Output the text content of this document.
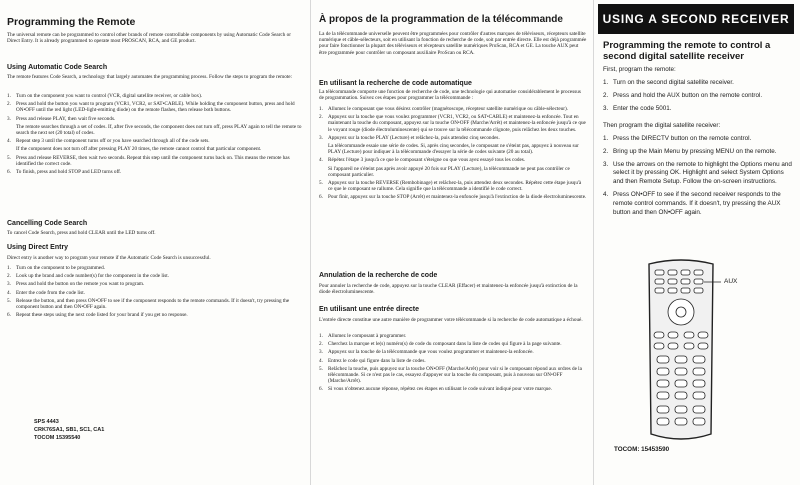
Programming the Remote

The universal remote can be programmed to control other brands of remote controllable components by using Automatic Code Search or Direct Entry. It is already programmed to operate most PROSCAN, RCA, and GE product.

Using Automatic Code Search

The remote features Code Search, a technology that largely automates the programming process. Follow the steps to program the remote:

1. Turn on the component you want to control (VCR, digital satellite receiver, or cable box).
2. Press and hold the button you want to program (VCR1, VCR2, or SAT•CABLE). While holding the component button, press and hold ON•OFF until the red light (LED-light-emitting diode) on the remote flashes, then release both buttons.
3. Press and release PLAY, then wait five seconds.
The remote searches through a set of codes. If, after five seconds, the component does not turn off, press PLAY again to tell the remote to search the next set (20 total) of codes.
4. Repeat step 3 until the component turns off or you have searched through all of the code sets.
If the component does not turn off after pressing PLAY 20 times, the remote cannot control that particular component.
5. Press and release REVERSE, then wait two seconds. Repeat this step until the component turns back on. This means the remote has identified the correct code.
6. To finish, press and hold STOP and LED turns off.
Cancelling Code Search

To cancel Code Search, press and hold CLEAR until the LED turns off.

Using Direct Entry

Direct entry is another way to program your remote if the Automatic Code Search is unsuccessful.

1. Turn on the component to be programmed.
2. Look up the brand and code number(s) for the component in the code list.
3. Press and hold the button on the remote you want to program.
4. Enter the code from the code list.
5. Release the button, and then press ON•OFF to see if the component responds to the remote commands. If it doesn't, try pressing the component button and then ON•OFF again.
6. Repeat these steps using the next code listed for your brand if you get no response.
SPS 4443
CRK76SA1, SB1, SC1, CA1
TOCOM 15395540
À propos de la programmation de la télécommande

La de la télécommande universelle peuvent être programmées pour contrôler d'autres marques de téléviseurs, récepteurs satellite numérique et câble-sélecteurs, soit en utilisant la fonction de recherche de code, soit par entrée directe. Elle est déjà programmée pour faire fonctionner la plupart des téléviseurs et récepteurs satellite numériques ProScan, RCA et GE. La touche AUX peut être programmée pour contrôler un composant auxiliaire ProScan ou RCA.

En utilisant la recherche de code automatique

La télécommande comporte une fonction de recherche de code, une technologie qui automatise considérablement le processus de programmation. Suivez ces étapes pour programmer la télécommande :

1. Allumez le composant que vous désirez contrôler (magnétoscope, récepteur satellite numérique ou câble-sélecteur).
2. Appuyez sur la touche que vous voulez programmer (VCR1, VCR2, ou SAT•CABLE) et maintenez-la enfoncée. Tout en maintenant la touche du composant, appuyez sur la touche ON•OFF (Marche/Arrêt) et maintenez-la enfoncée jusqu'à ce que le voyant rouge (diode électroluminescente) qui se trouve sur la télécommande clignote, puis relâchez les deux touches.
3. Appuyez sur la touche PLAY (Lecture) et relâchez-la, puis attendez cinq secondes.
La télécommande essaie une série de codes. Si, après cinq secondes, le composant ne s'éteint pas, appuyez à nouveau sur PLAY (Lecture) pour indiquer à la télécommande d'essayer la série de codes suivante (20 au total).
4. Répétez l'étape 3 jusqu'à ce que le composant s'éteigne ou que vous ayez essayé tous les codes.
Si l'appareil ne s'éteint pas après avoir appuyé 20 fois sur PLAY (Lecture), la télécommande ne peut pas contrôler ce composant particulier.
5. Appuyez sur la touche REVERSE (Rembobinage) et relâchez-la, puis attendez deux secondes. Répétez cette étape jusqu'à ce que le composant se rallume. Cela signifie que la télécommande a identifié le code correct.
6. Pour finir, appuyez sur la touche STOP (Arrêt) et maintenez-la enfoncée jusqu'à l'extinction de la diode électroluminescente.
Annulation de la recherche de code

Pour annuler la recherche de code, appuyez sur la touche CLEAR (Effacer) et maintenez-la enfoncée jusqu'à extinction de la diode électroluminescente.

En utilisant une entrée directe

L'entrée directe constitue une autre manière de programmer votre télécommande si la recherche de code automatique a échoué.

1. Allumez le composant à programmer.
2. Cherchez la marque et le(s) numéro(s) de code du composant dans la liste de codes qui figure à la page suivante.
3. Appuyez sur la touche de la télécommande que vous voulez programmer et maintenez-la enfoncée.
4. Entrez le code qui figure dans la liste de codes.
5. Relâchez la touche, puis appuyez sur la touche ON•OFF (Marche/Arrêt) pour voir si le composant répond aux ordres de la télécommande. Si ce n'est pas le cas, essayez d'appuyer sur la touche du composant, puis à nouveau sur ON•OFF (Marche/Arrêt).
6. Si vous n'obtenez aucune réponse, répétez ces étapes en utilisant le code suivant indiqué pour votre marque.
USING A SECOND RECEIVER
Programming the remote to control a second digital satellite receiver
First, program the remote:
1. Turn on the second digital satellite receiver.
2. Press and hold the AUX button on the remote control.
3. Enter the code 5001.
Then program the digital satellite receiver:
1. Press the DIRECTV button on the remote control.
2. Bring up the Main Menu by pressing MENU on the remote.
3. Use the arrows on the remote to highlight the Options menu and select it by pressing OK. Highlight and select System Options and then Remote Setup. Follow the on-screen instructions.
4. Press ON•OFF to see if the second receiver responds to the remote control commands. If it doesn't, try pressing the AUX button and then ON•OFF again.
AUX
TOCOM: 15453590
